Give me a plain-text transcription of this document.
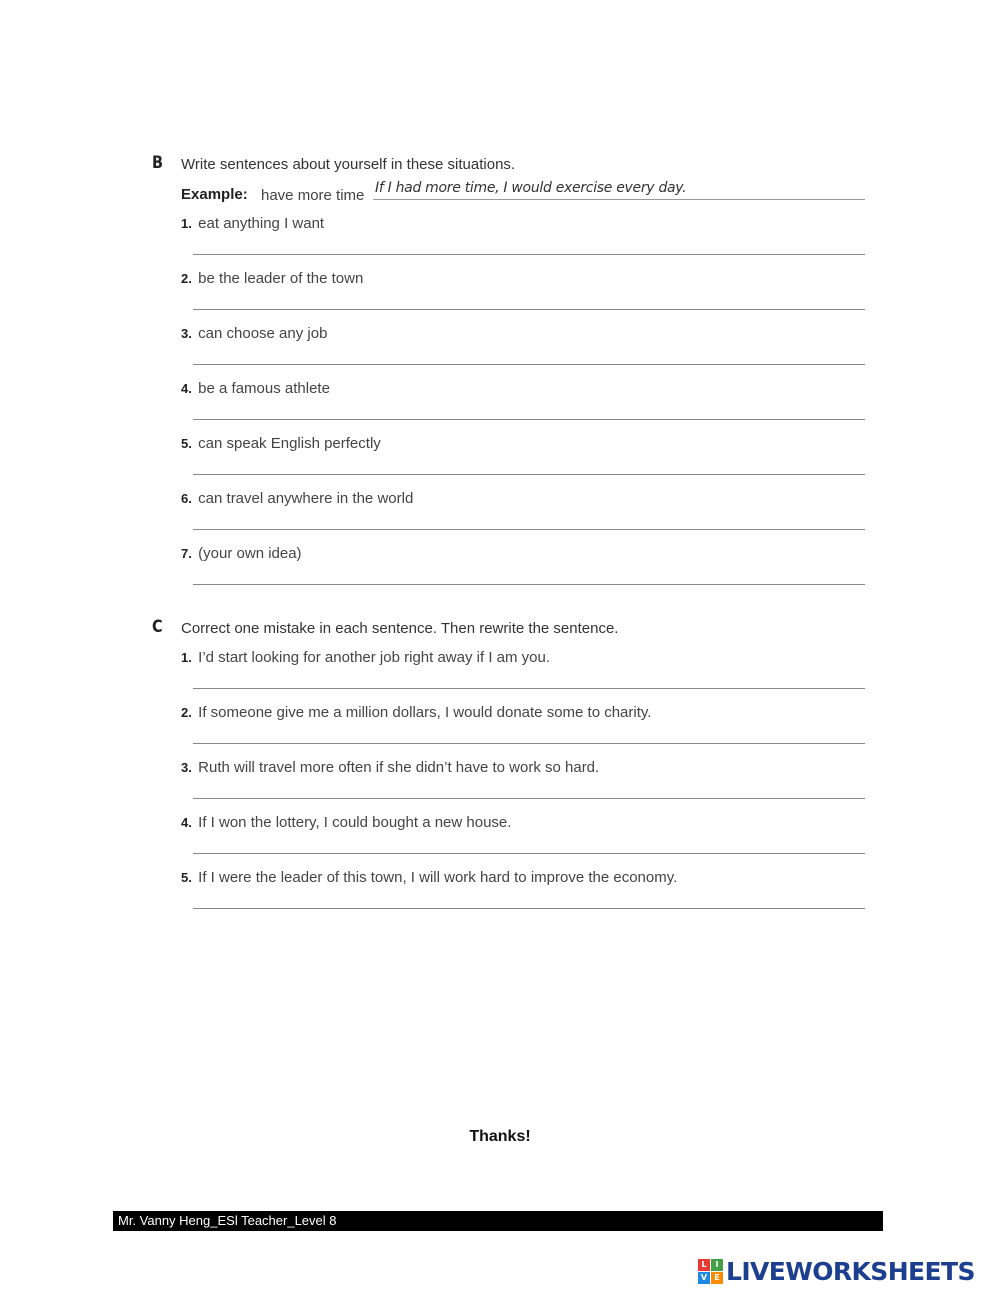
B Write sentences about yourself in these situations.
Example: have more time If I had more time, I would exercise every day.
1. eat anything I want
2. be the leader of the town
3. can choose any job
4. be a famous athlete
5. can speak English perfectly
6. can travel anywhere in the world
7. (your own idea)
C Correct one mistake in each sentence. Then rewrite the sentence.
1. I’d start looking for another job right away if I am you.
2. If someone give me a million dollars, I would donate some to charity.
3. Ruth will travel more often if she didn’t have to work so hard.
4. If I won the lottery, I could bought a new house.
5. If I were the leader of this town, I will work hard to improve the economy.
Thanks!
Mr. Vanny Heng_ESl Teacher_Level 8
L	I
V E LIVEWORKSHEETS
